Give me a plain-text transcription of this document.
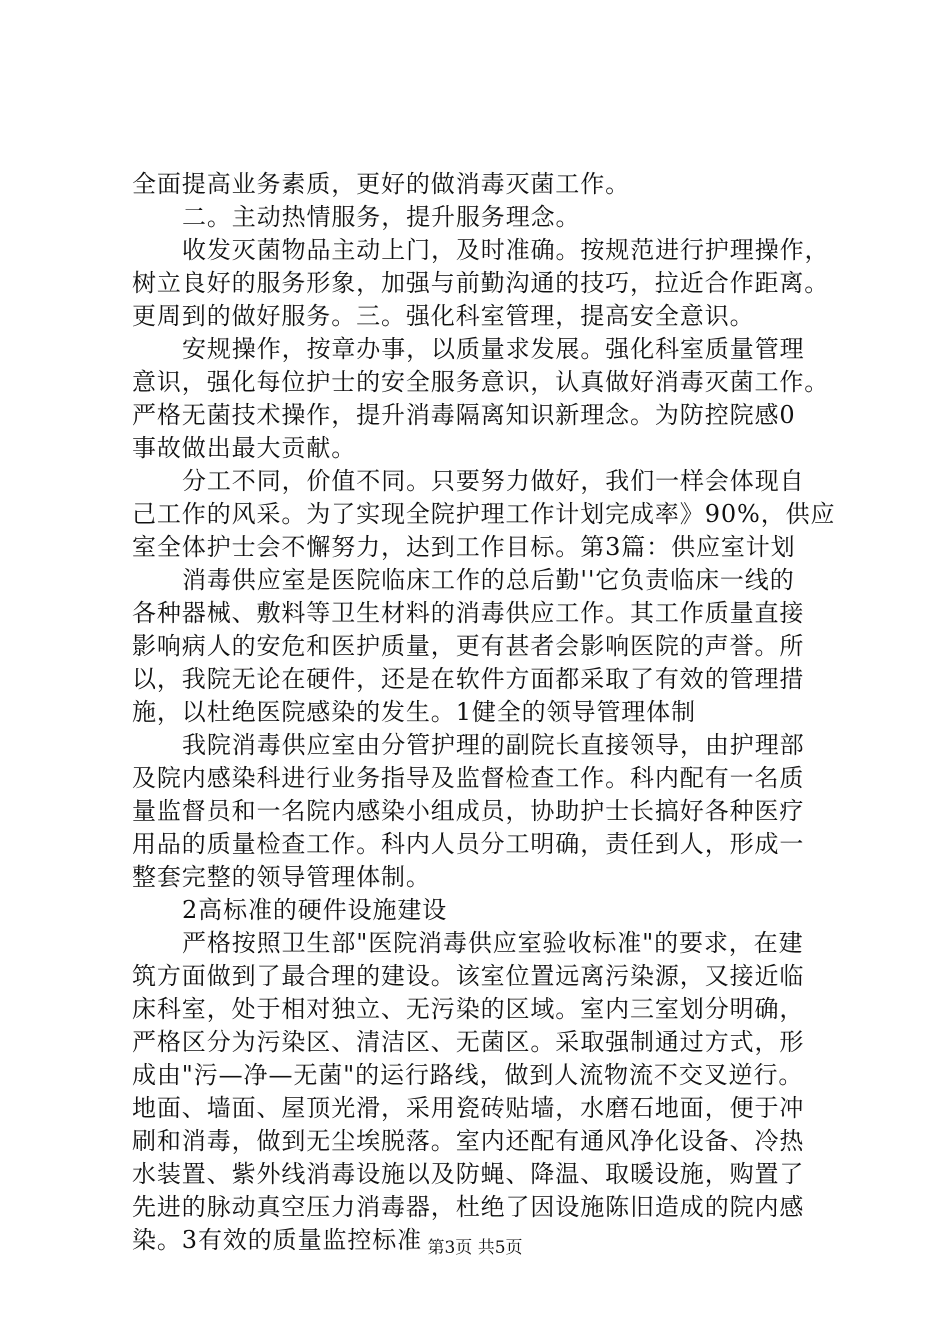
全面提高业务素质，更好的做消毒灭菌工作。
二。主动热情服务，提升服务理念。
收发灭菌物品主动上门，及时准确。按规范进行护理操作，
树立良好的服务形象，加强与前勤沟通的技巧，拉近合作距离。
更周到的做好服务。三。强化科室管理，提高安全意识。
安规操作，按章办事，以质量求发展。强化科室质量管理
意识，强化每位护士的安全服务意识，认真做好消毒灭菌工作。
严格无菌技术操作，提升消毒隔离知识新理念。为防控院感0
事故做出最大贡献。
分工不同，价值不同。只要努力做好，我们一样会体现自
己工作的风采。为了实现全院护理工作计划完成率》90%，供应
室全体护士会不懈努力，达到工作目标。第3篇：供应室计划
消毒供应室是医院临床工作的总后勤''它负责临床一线的
各种器械、敷料等卫生材料的消毒供应工作。其工作质量直接
影响病人的安危和医护质量，更有甚者会影响医院的声誉。所
以，我院无论在硬件，还是在软件方面都采取了有效的管理措
施，以杜绝医院感染的发生。1健全的领导管理体制
我院消毒供应室由分管护理的副院长直接领导，由护理部
及院内感染科进行业务指导及监督检查工作。科内配有一名质
量监督员和一名院内感染小组成员，协助护士长搞好各种医疗
用品的质量检查工作。科内人员分工明确，责任到人，形成一
整套完整的领导管理体制。
2高标准的硬件设施建设
严格按照卫生部"医院消毒供应室验收标准"的要求，在建
筑方面做到了最合理的建设。该室位置远离污染源，又接近临
床科室，处于相对独立、无污染的区域。室内三室划分明确，
严格区分为污染区、清洁区、无菌区。采取强制通过方式，形
成由"污—净—无菌"的运行路线，做到人流物流不交叉逆行。
地面、墙面、屋顶光滑，采用瓷砖贴墙，水磨石地面，便于冲
刷和消毒，做到无尘埃脱落。室内还配有通风净化设备、冷热
水装置、紫外线消毒设施以及防蝇、降温、取暖设施，购置了
先进的脉动真空压力消毒器，杜绝了因设施陈旧造成的院内感
染。3有效的质量监控标准 第3页 共5页
